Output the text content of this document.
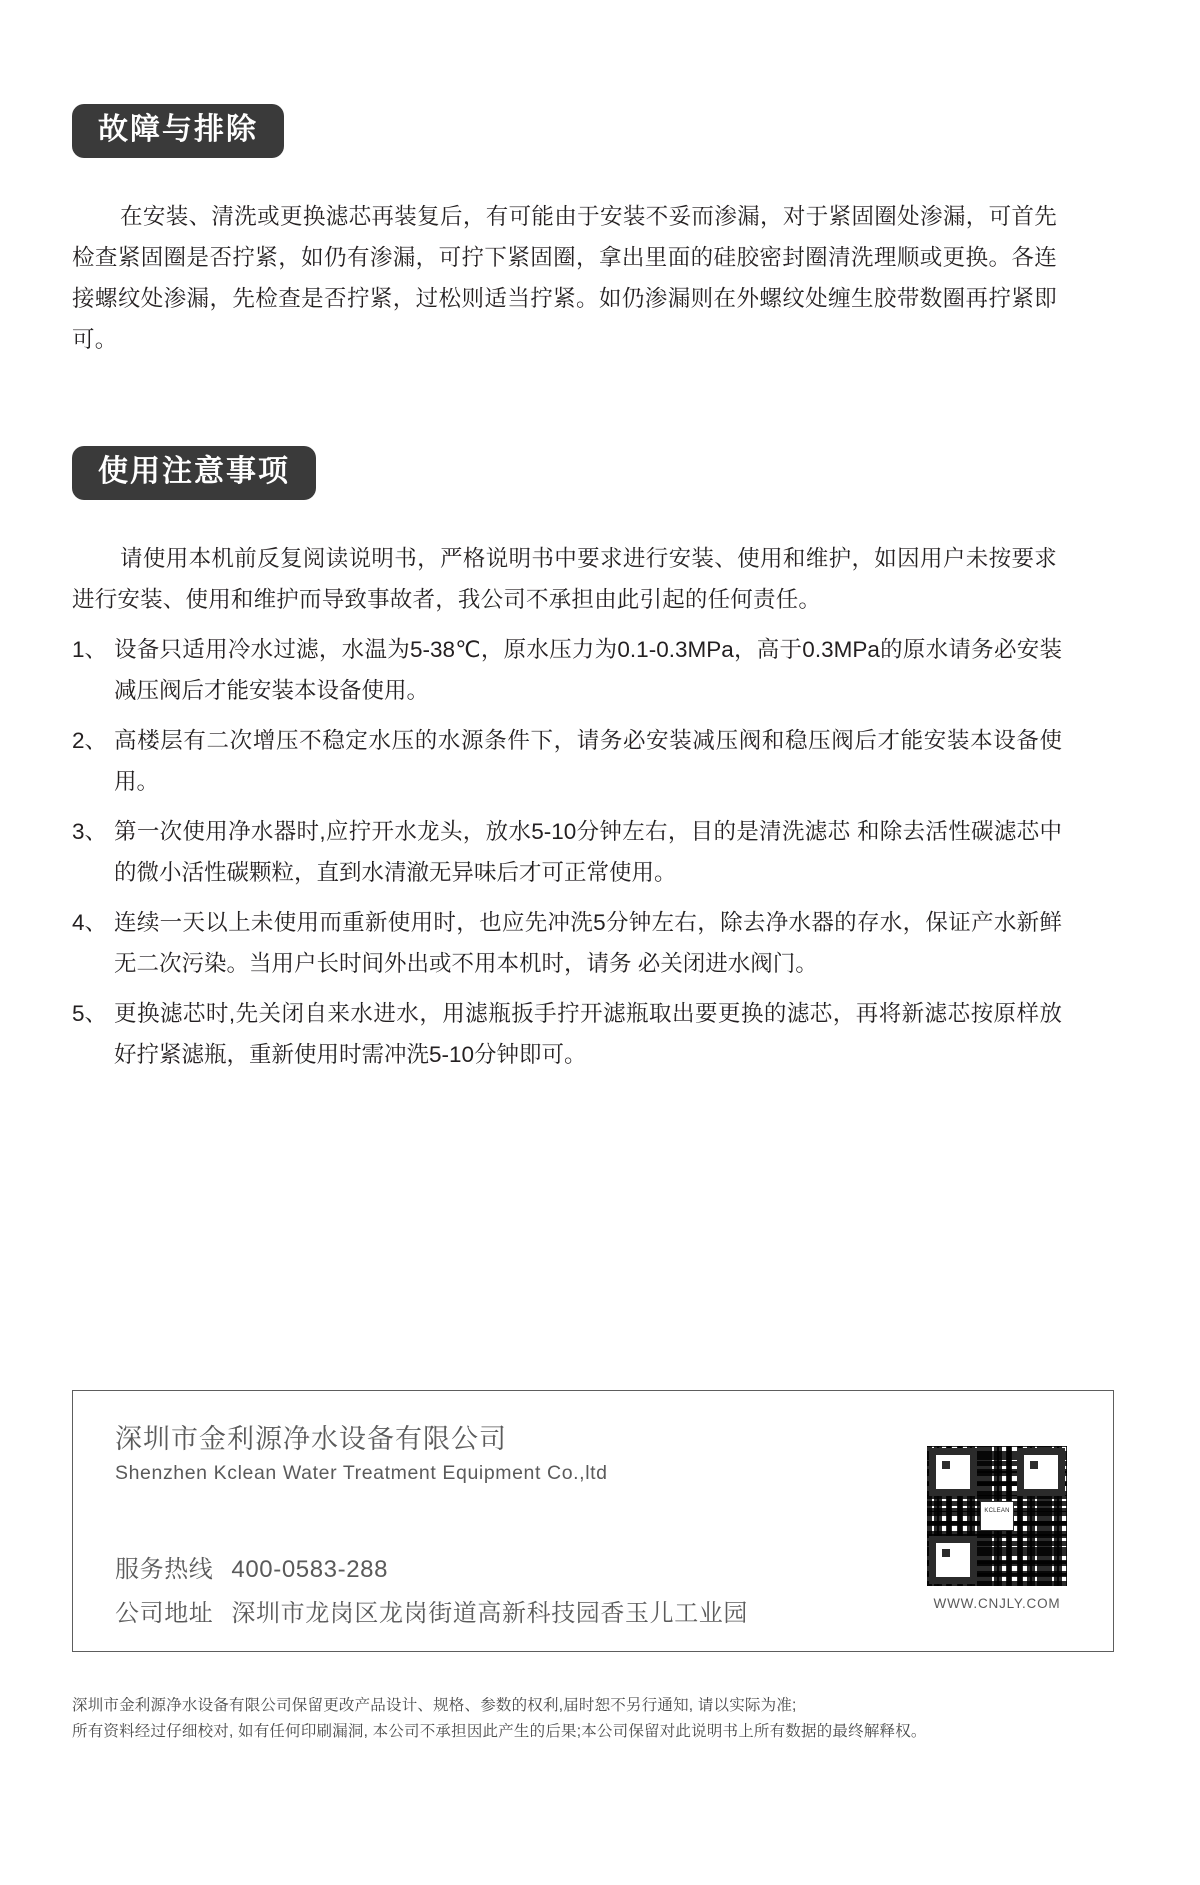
故障与排除

在安装、清洗或更换滤芯再装复后，有可能由于安装不妥而渗漏，对于紧固圈处渗漏，可首先检查紧固圈是否拧紧，如仍有渗漏，可拧下紧固圈，拿出里面的硅胶密封圈清洗理顺或更换。各连接螺纹处渗漏，先检查是否拧紧，过松则适当拧紧。如仍渗漏则在外螺纹处缠生胶带数圈再拧紧即可。

使用注意事项

请使用本机前反复阅读说明书，严格说明书中要求进行安装、使用和维护，如因用户未按要求进行安装、使用和维护而导致事故者，我公司不承担由此引起的任何责任。

1、 设备只适用冷水过滤，水温为5-38℃，原水压力为0.1-0.3MPa，高于0.3MPa的原水请务必安装减压阀后才能安装本设备使用。
2、 高楼层有二次增压不稳定水压的水源条件下，请务必安装减压阀和稳压阀后才能安装本设备使用。
3、 第一次使用净水器时,应拧开水龙头，放水5-10分钟左右，目的是清洗滤芯 和除去活性碳滤芯中的微小活性碳颗粒，直到水清澈无异味后才可正常使用。
4、 连续一天以上未使用而重新使用时，也应先冲洗5分钟左右，除去净水器的存水，保证产水新鲜无二次污染。当用户长时间外出或不用本机时，请务 必关闭进水阀门。
5、 更换滤芯时,先关闭自来水进水，用滤瓶扳手拧开滤瓶取出要更换的滤芯，再将新滤芯按原样放好拧紧滤瓶，重新使用时需冲洗5-10分钟即可。
深圳市金利源净水设备有限公司
Shenzhen Kclean Water Treatment Equipment Co.,ltd
服务热线 400-0583-288
公司地址 深圳市龙岗区龙岗街道高新科技园香玉儿工业园
KCLEAN
WWW.CNJLY.COM
深圳市金利源净水设备有限公司保留更改产品设计、规格、参数的权利,届时恕不另行通知, 请以实际为准;
所有资料经过仔细校对, 如有任何印刷漏洞, 本公司不承担因此产生的后果;本公司保留对此说明书上所有数据的最终解释权。
